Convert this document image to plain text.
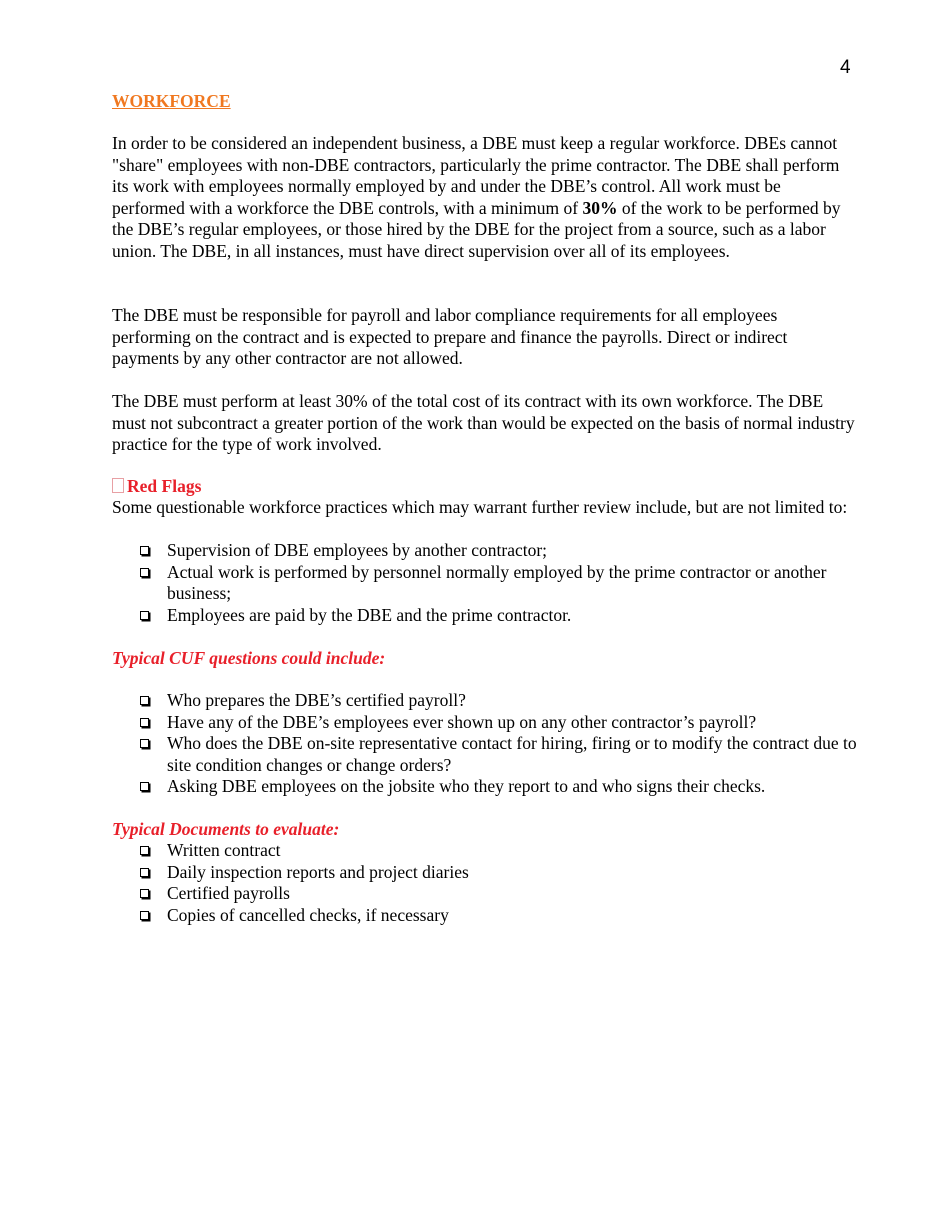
4
WORKFORCE

In order to be considered an independent business, a DBE must keep a regular workforce. DBEs cannot "share" employees with non-DBE contractors, particularly the prime contractor. The DBE shall perform its work with employees normally employed by and under the DBE’s control. All work must be performed with a workforce the DBE controls, with a minimum of 30% of the work to be performed by the DBE’s regular employees, or those hired by the DBE for the project from a source, such as a labor union. The DBE, in all instances, must have direct supervision over all of its employees.

The DBE must be responsible for payroll and labor compliance requirements for all employees performing on the contract and is expected to prepare and finance the payrolls. Direct or indirect payments by any other contractor are not allowed.

The DBE must perform at least 30% of the total cost of its contract with its own workforce. The DBE must not subcontract a greater portion of the work than would be expected on the basis of normal industry practice for the type of work involved.

Red Flags

Some questionable workforce practices which may warrant further review include, but are not limited to:

Supervision of DBE employees by another contractor;
Actual work is performed by personnel normally employed by the prime contractor or another business;
Employees are paid by the DBE and the prime contractor.
Typical CUF questions could include:
Who prepares the DBE’s certified payroll?
Have any of the DBE’s employees ever shown up on any other contractor’s payroll?
Who does the DBE on-site representative contact for hiring, firing or to modify the contract due to site condition changes or change orders?
Asking DBE employees on the jobsite who they report to and who signs their checks.
Typical Documents to evaluate:
Written contract
Daily inspection reports and project diaries
Certified payrolls
Copies of cancelled checks, if necessary
